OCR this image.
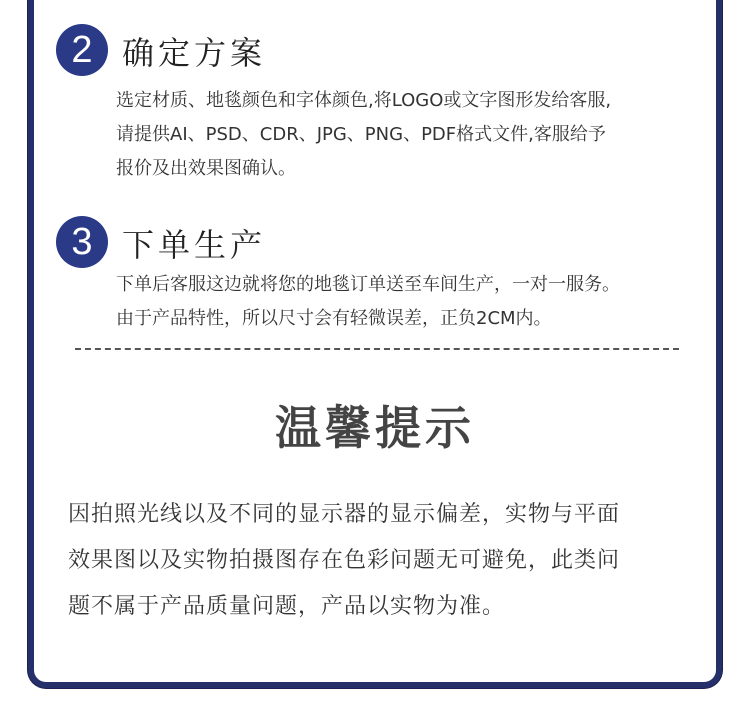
2 确定方案

选定材质、地毯颜色和字体颜色,将LOGO或文字图形发给客服,

请提供AI、PSD、CDR、JPG、PNG、PDF格式文件,客服给予

报价及出效果图确认。

3 下单生产

下单后客服这边就将您的地毯订单送至车间生产，一对一服务。

由于产品特性，所以尺寸会有轻微误差，正负2CM内。

温馨提示

因拍照光线以及不同的显示器的显示偏差，实物与平面

效果图以及实物拍摄图存在色彩问题无可避免，此类问

题不属于产品质量问题，产品以实物为准。
